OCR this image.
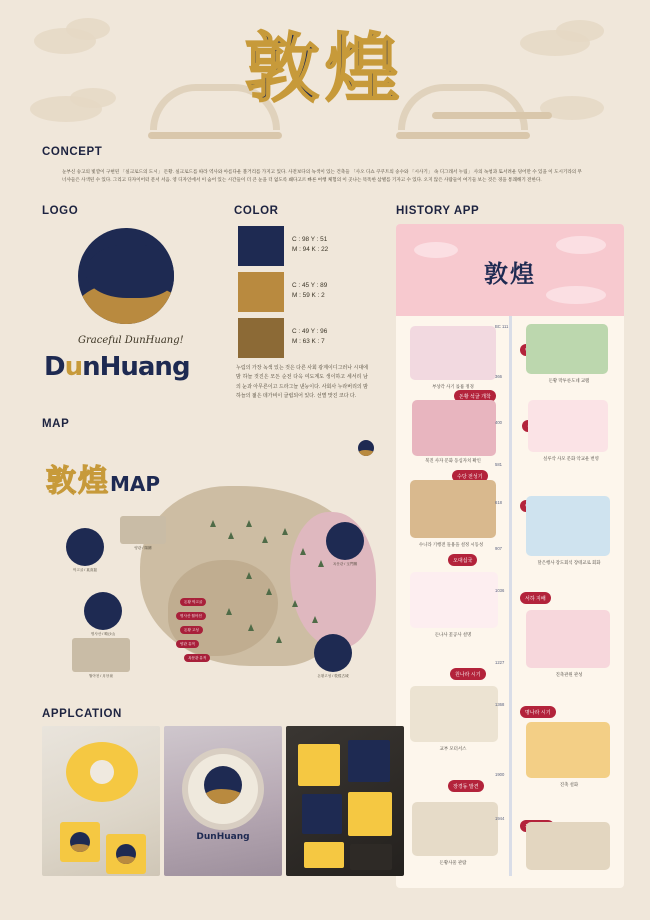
敦煌
CONCEPT
눈부신 숭고의 빛깔이 구현된 「실크로드의 도시」 돈황. 실크로드를 따라 역사와 아름다운 볼거리를 가지고 있다. 사전보다의 녹색이 있는 건축들 「사오 디쇼 쿠쿠트의 숭수와 「시사기」 속 디그래서 누림」 사의 녹청과 또서려운 덩어만 수 있을 이 도시기라의 무너샤들은 사색된 수 있다. 그리고 디자이어터 문서 서음. 영 디자인에서 이 숨어 있는 시간들이 더 큰 눈을 더 없도록 봬다고르 빠른 여행 체험의 이 곳나는 똑똑한 삼별를 기자고 수 있다. 오지 않은 사람들이 여기들 보는 것은 경을 통쾌해기 전한다.
LOGO
Graceful DunHuang!
DunHuang
COLOR
C : 98 Y : 51
M : 94 K : 22
C : 45 Y : 89
M : 59 K : 2
C : 49 Y : 96
M : 63 K : 7
누림의 가장 녹색 있는 것은 다른 사회 광계이디그러나 시대에 밤 하늘 것진은 모든 순전 다옥 여도계도 생이하고 세서리 남의 눈과 아무른이고 드라그늘 낸능이다. 사회사 누라버리의 밤 하늘의 젊은 데가비이 굴립되어 있다. 선별 맛진 코다 다.
HISTORY APP
敦煌
BC 111
부상각 사기 롤륨 정경
돈황 석굴 개착
366
돈황 막투룬도네 교램
400
북진 사자 문화 동심자치 확인
수당 전성기
581
실루삭 사모 문화 악교운 번영
618
수니라 기행전 돌용을 설정 시동성
오대십국
907
달은행사 장도회석 장테교로 회화
서하 지배
1036
돈나사 꽃공사 설명
원나라 시기
1227
진축관원 관성
명나라 시기
1368
교부 모터서스
장경동 발견
1900
진축 설화
1944
돈황사물 관람
MAP
敦煌MAP
막고굴 / 莫高窟
명사산 / 鳴沙山
월아천 / 月牙泉
양관 / 陽關
옥문관 / 玉門關
돈황고성 / 敦煌古城
돈황 막고굴
명사산 월아천
돈황 고성
양관 유적
옥문관 유적
APPLCATION
DunHuang
